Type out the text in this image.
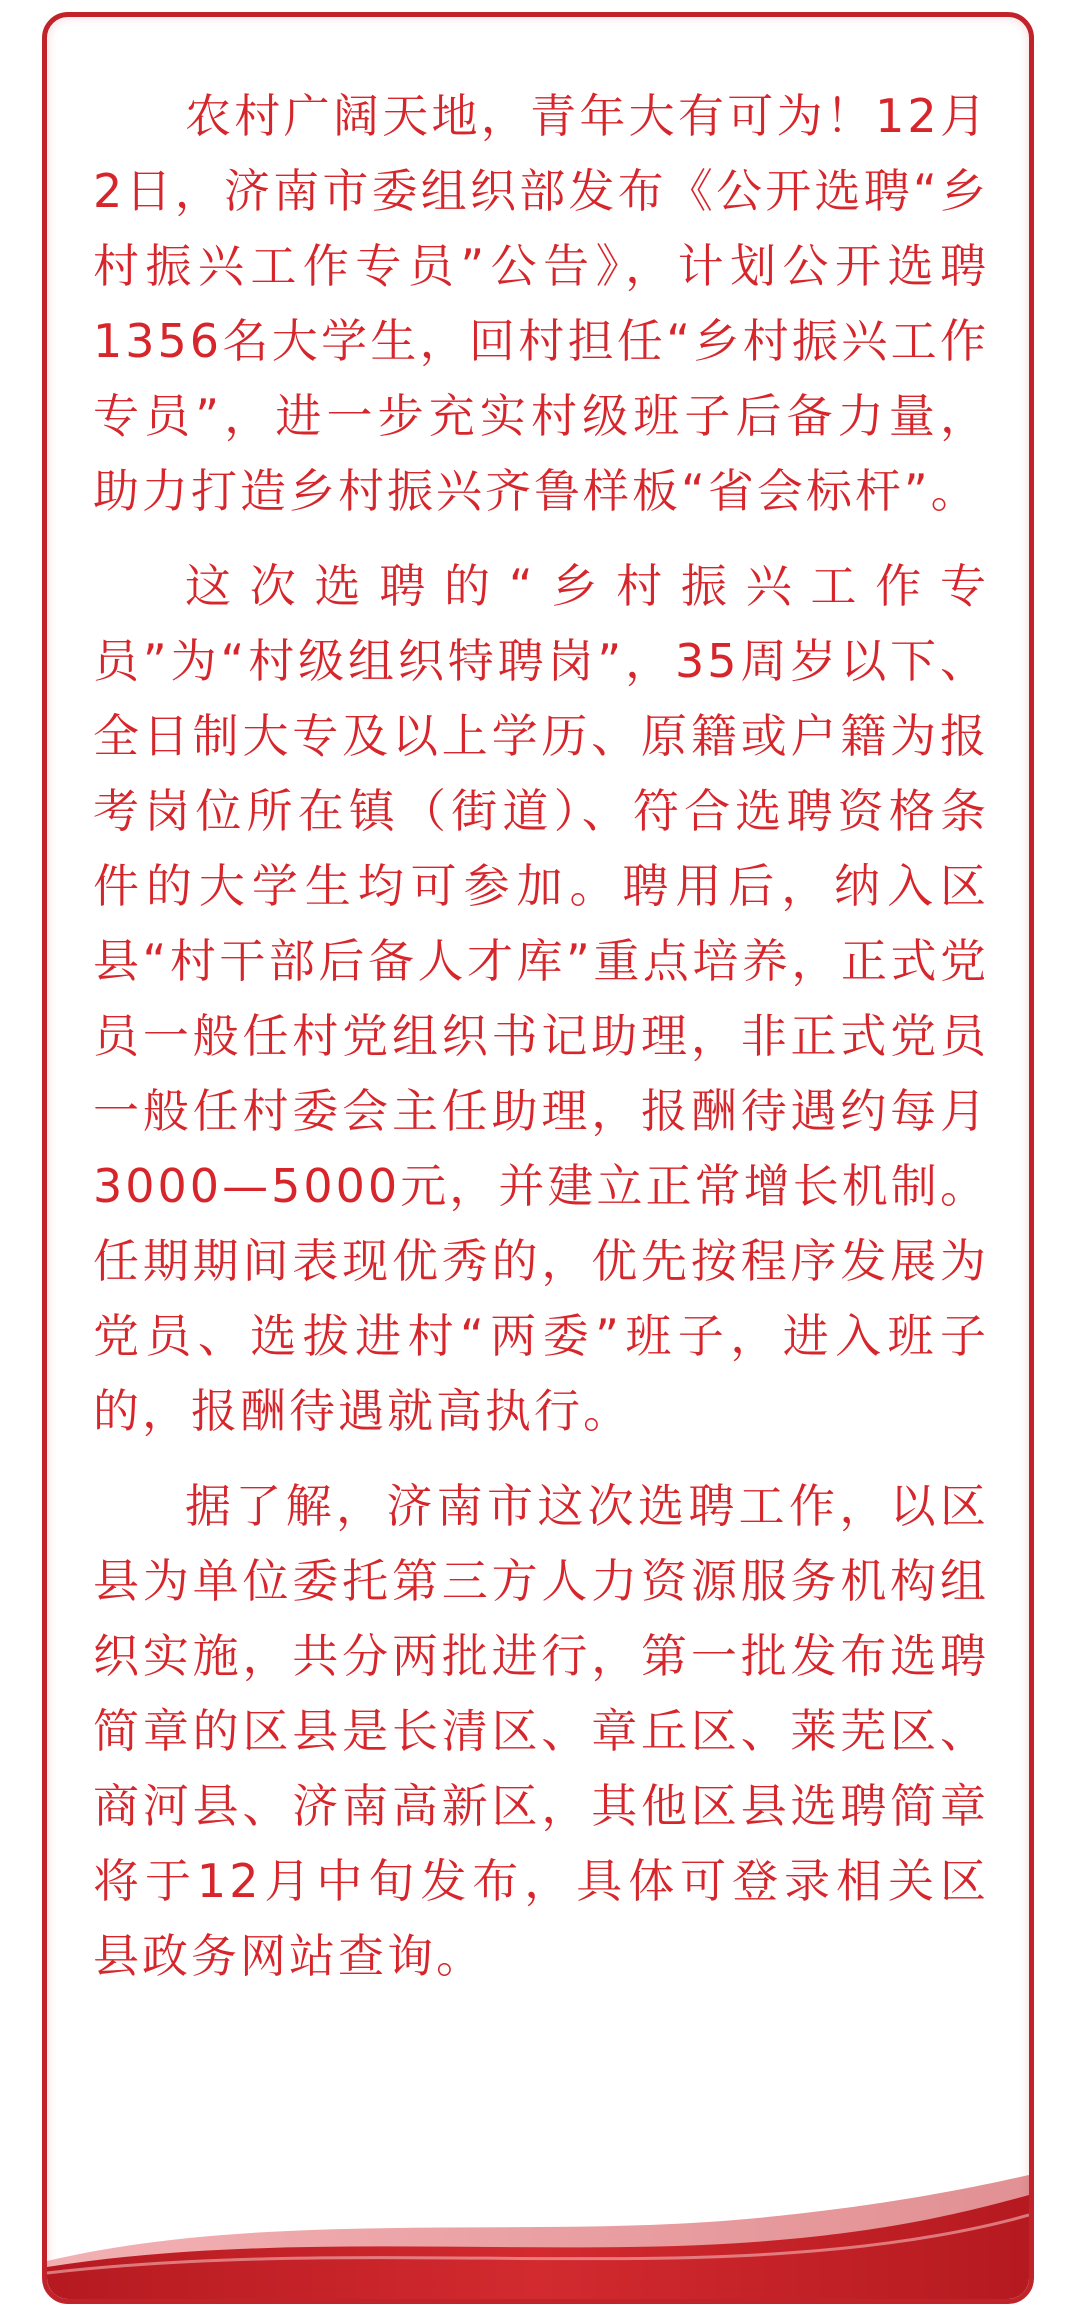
农村广阔天地，青年大有可为！12月2日，济南市委组织部发布《公开选聘“乡村振兴工作专员”公告》，计划公开选聘1356名大学生，回村担任“乡村振兴工作专员”，进一步充实村级班子后备力量，助力打造乡村振兴齐鲁样板“省会标杆”。

这次选聘的“乡村振兴工作专员”为“村级组织特聘岗”，35周岁以下、全日制大专及以上学历、原籍或户籍为报考岗位所在镇（街道）、符合选聘资格条件的大学生均可参加。聘用后，纳入区县“村干部后备人才库”重点培养，正式党员一般任村党组织书记助理，非正式党员一般任村委会主任助理，报酬待遇约每月3000—5000元，并建立正常增长机制。任期期间表现优秀的，优先按程序发展为党员、选拔进村“两委”班子，进入班子的，报酬待遇就高执行。

据了解，济南市这次选聘工作，以区县为单位委托第三方人力资源服务机构组织实施，共分两批进行，第一批发布选聘简章的区县是长清区、章丘区、莱芜区、商河县、济南高新区，其他区县选聘简章将于12月中旬发布，具体可登录相关区县政务网站查询。
